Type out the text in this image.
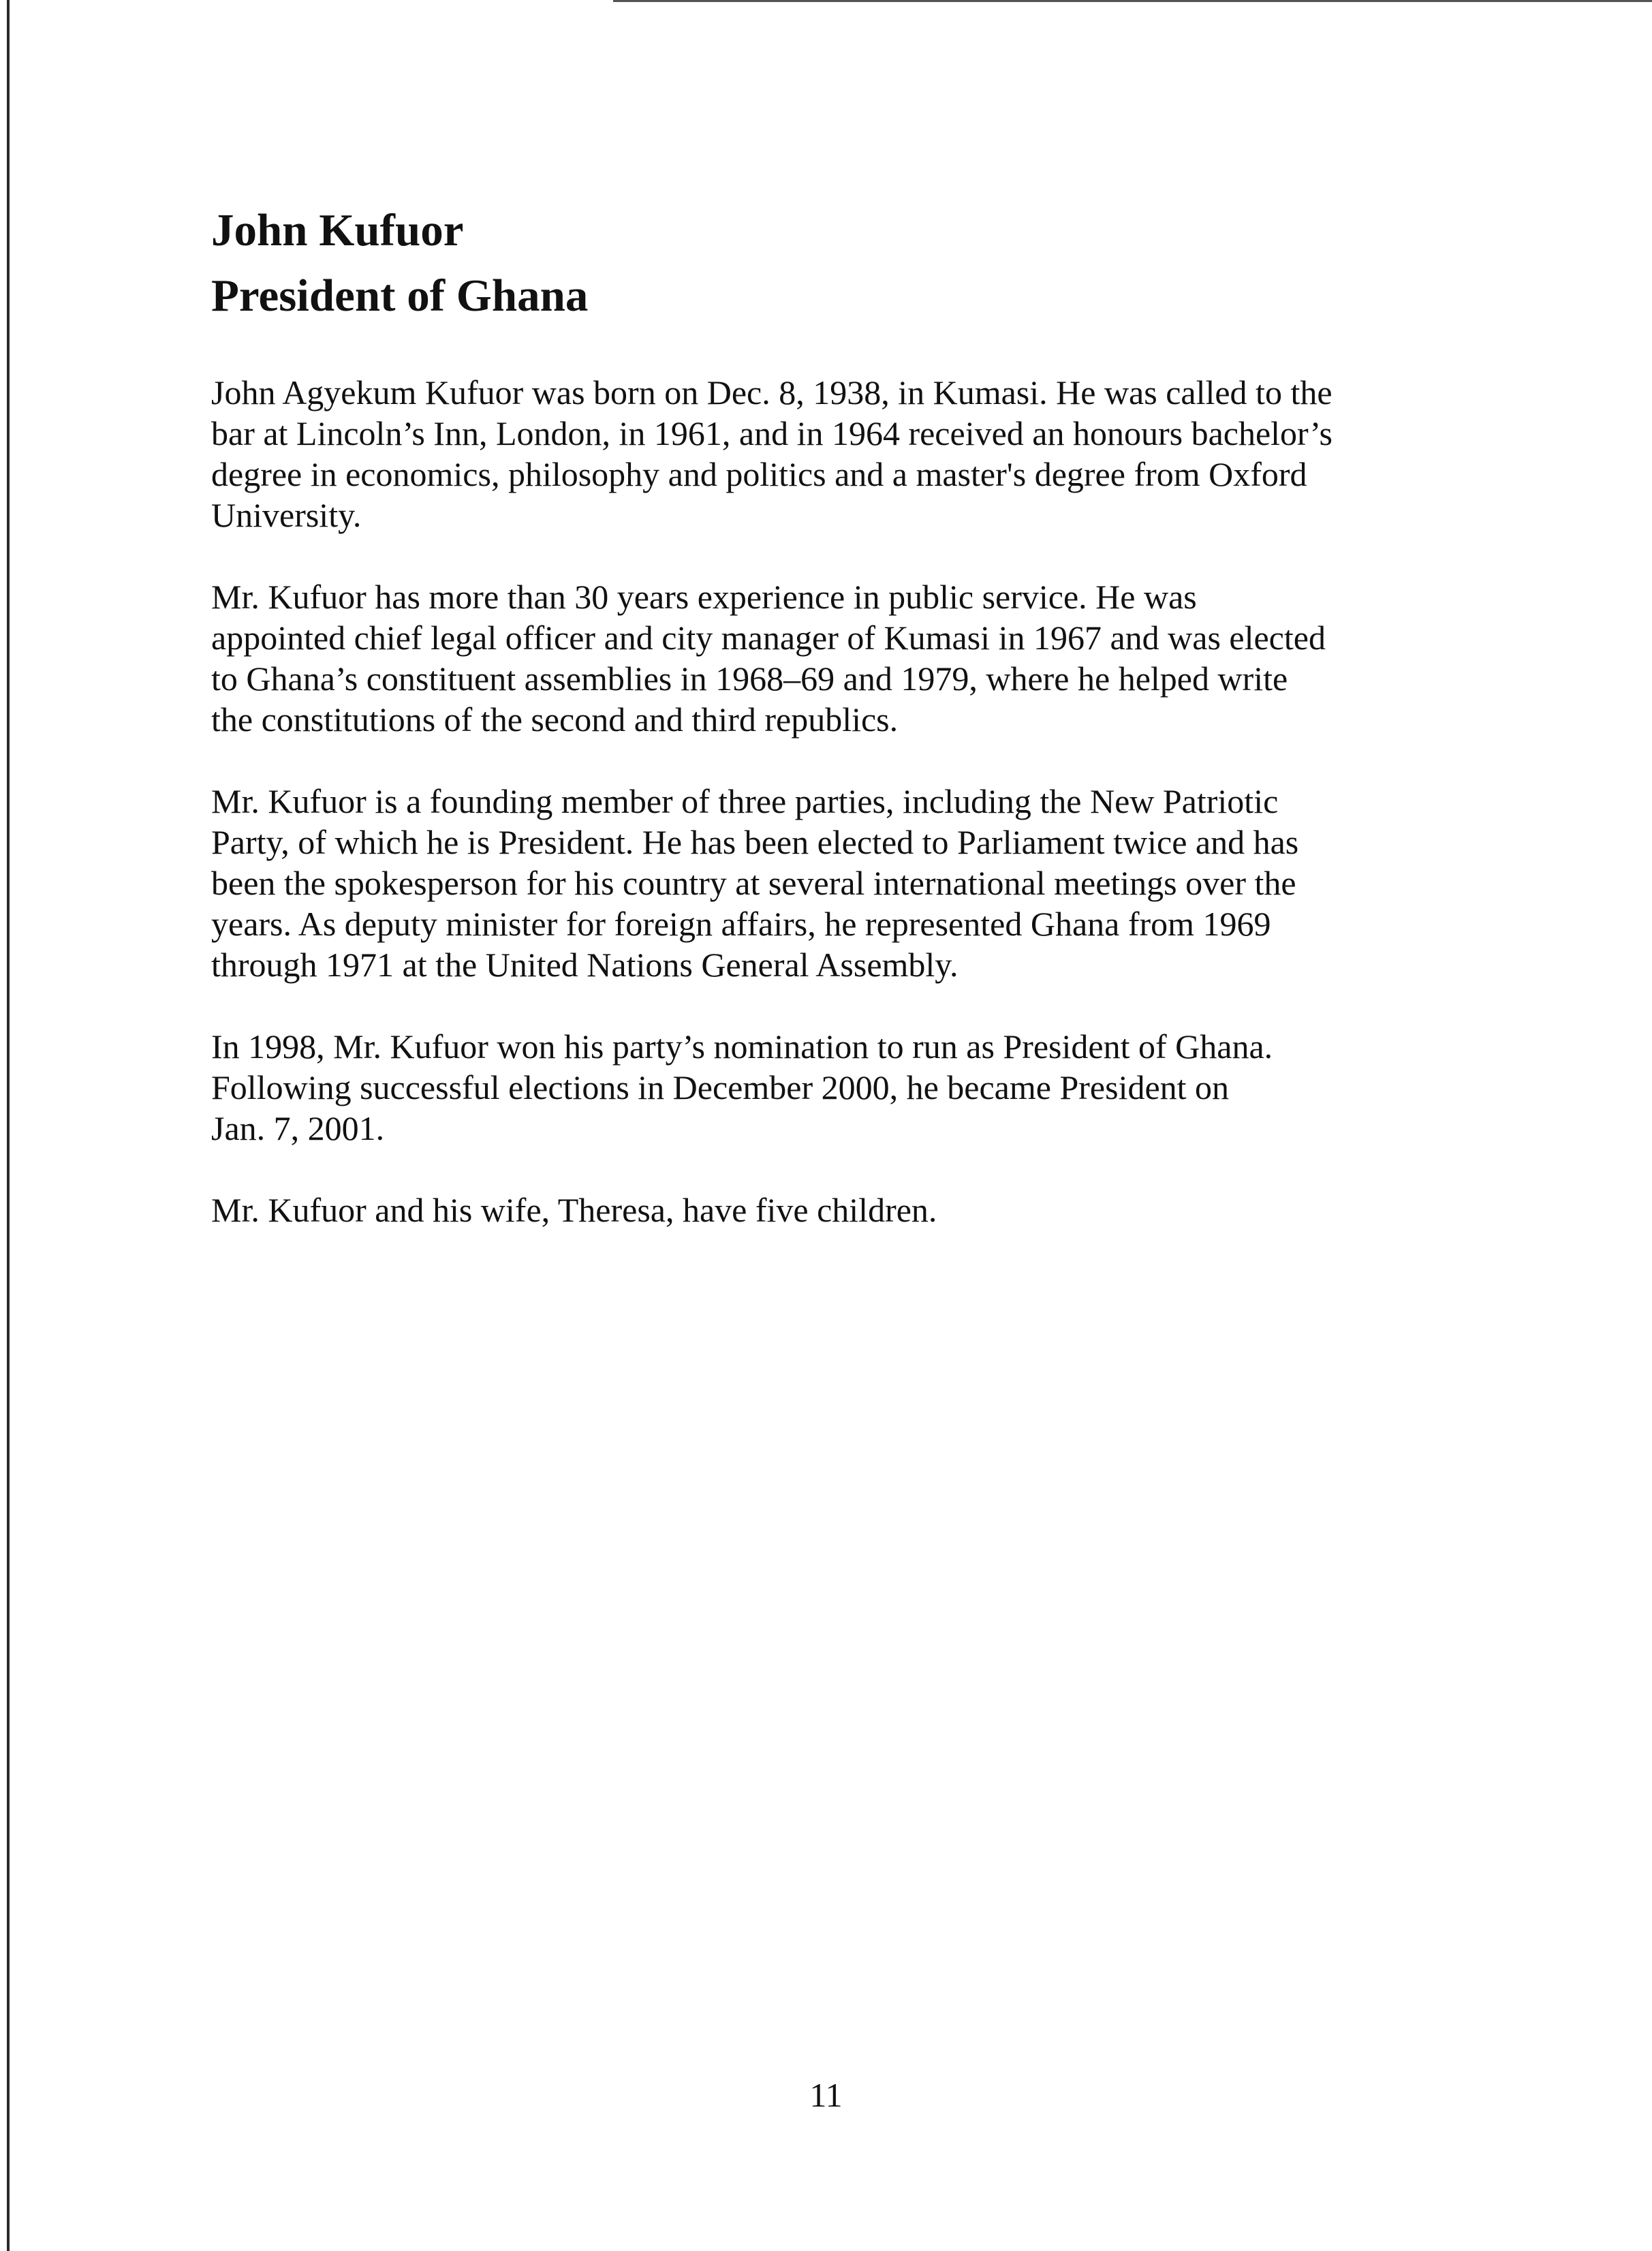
John Kufuor
President of Ghana

John Agyekum Kufuor was born on Dec. 8, 1938, in Kumasi. He was called to the
bar at Lincoln’s Inn, London, in 1961, and in 1964 received an honours bachelor’s
degree in economics, philosophy and politics and a master's degree from Oxford
University.

Mr. Kufuor has more than 30 years experience in public service. He was
appointed chief legal officer and city manager of Kumasi in 1967 and was elected
to Ghana’s constituent assemblies in 1968–69 and 1979, where he helped write
the constitutions of the second and third republics.

Mr. Kufuor is a founding member of three parties, including the New Patriotic
Party, of which he is President. He has been elected to Parliament twice and has
been the spokesperson for his country at several international meetings over the
years. As deputy minister for foreign affairs, he represented Ghana from 1969
through 1971 at the United Nations General Assembly.

In 1998, Mr. Kufuor won his party’s nomination to run as President of Ghana.
Following successful elections in December 2000, he became President on
Jan. 7, 2001.

Mr. Kufuor and his wife, Theresa, have five children.

11
